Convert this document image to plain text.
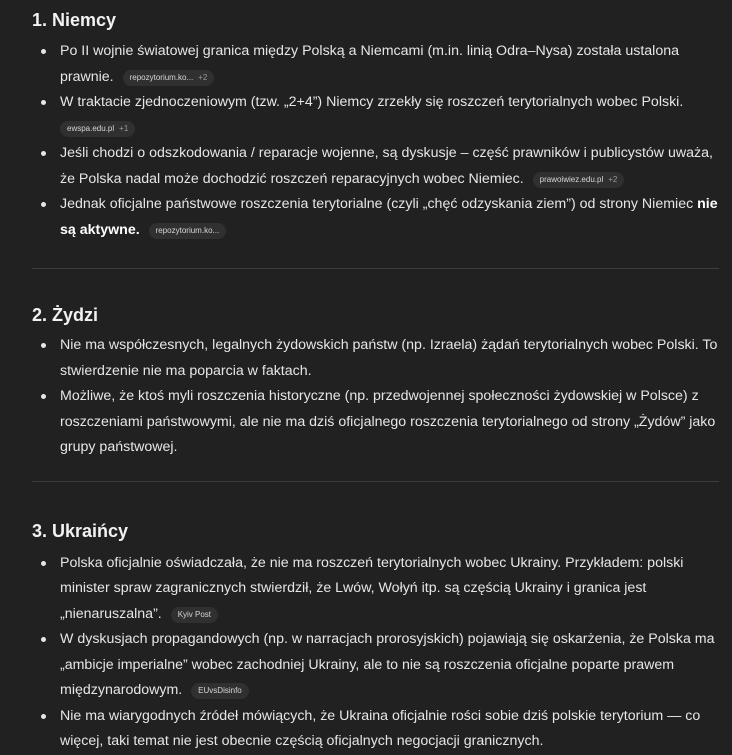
1. Niemcy
Po II wojnie światowej granica między Polską a Niemcami (m.in. linią Odra–Nysa) została ustalona prawnie. repozytorium.ko... +2
W traktacie zjednoczeniowym (tzw. „2+4”) Niemcy zrzekły się roszczeń terytorialnych wobec Polski.
ewspa.edu.pl +1
Jeśli chodzi o odszkodowania / reparacje wojenne, są dyskusje – część prawników i publicystów uważa, że Polska nadal może dochodzić roszczeń reparacyjnych wobec Niemiec. prawoiwiez.edu.pl +2
Jednak oficjalne państwowe roszczenia terytorialne (czyli „chęć odzyskania ziem”) od strony Niemiec nie są aktywne. repozytorium.ko...
2. Żydzi
Nie ma współczesnych, legalnych żydowskich państw (np. Izraela) żądań terytorialnych wobec Polski. To stwierdzenie nie ma poparcia w faktach.
Możliwe, że ktoś myli roszczenia historyczne (np. przedwojennej społeczności żydowskiej w Polsce) z roszczeniami państwowymi, ale nie ma dziś oficjalnego roszczenia terytorialnego od strony „Żydów” jako grupy państwowej.
3. Ukraińcy
Polska oficjalnie oświadczała, że nie ma roszczeń terytorialnych wobec Ukrainy. Przykładem: polski minister spraw zagranicznych stwierdził, że Lwów, Wołyń itp. są częścią Ukrainy i granica jest „nienaruszalna”. Kyiv Post
W dyskusjach propagandowych (np. w narracjach prorosyjskich) pojawiają się oskarżenia, że Polska ma „ambicje imperialne” wobec zachodniej Ukrainy, ale to nie są roszczenia oficjalne poparte prawem międzynarodowym. EUvsDisinfo
Nie ma wiarygodnych źródeł mówiących, że Ukraina oficjalnie rości sobie dziś polskie terytorium — co więcej, taki temat nie jest obecnie częścią oficjalnych negocjacji granicznych.
